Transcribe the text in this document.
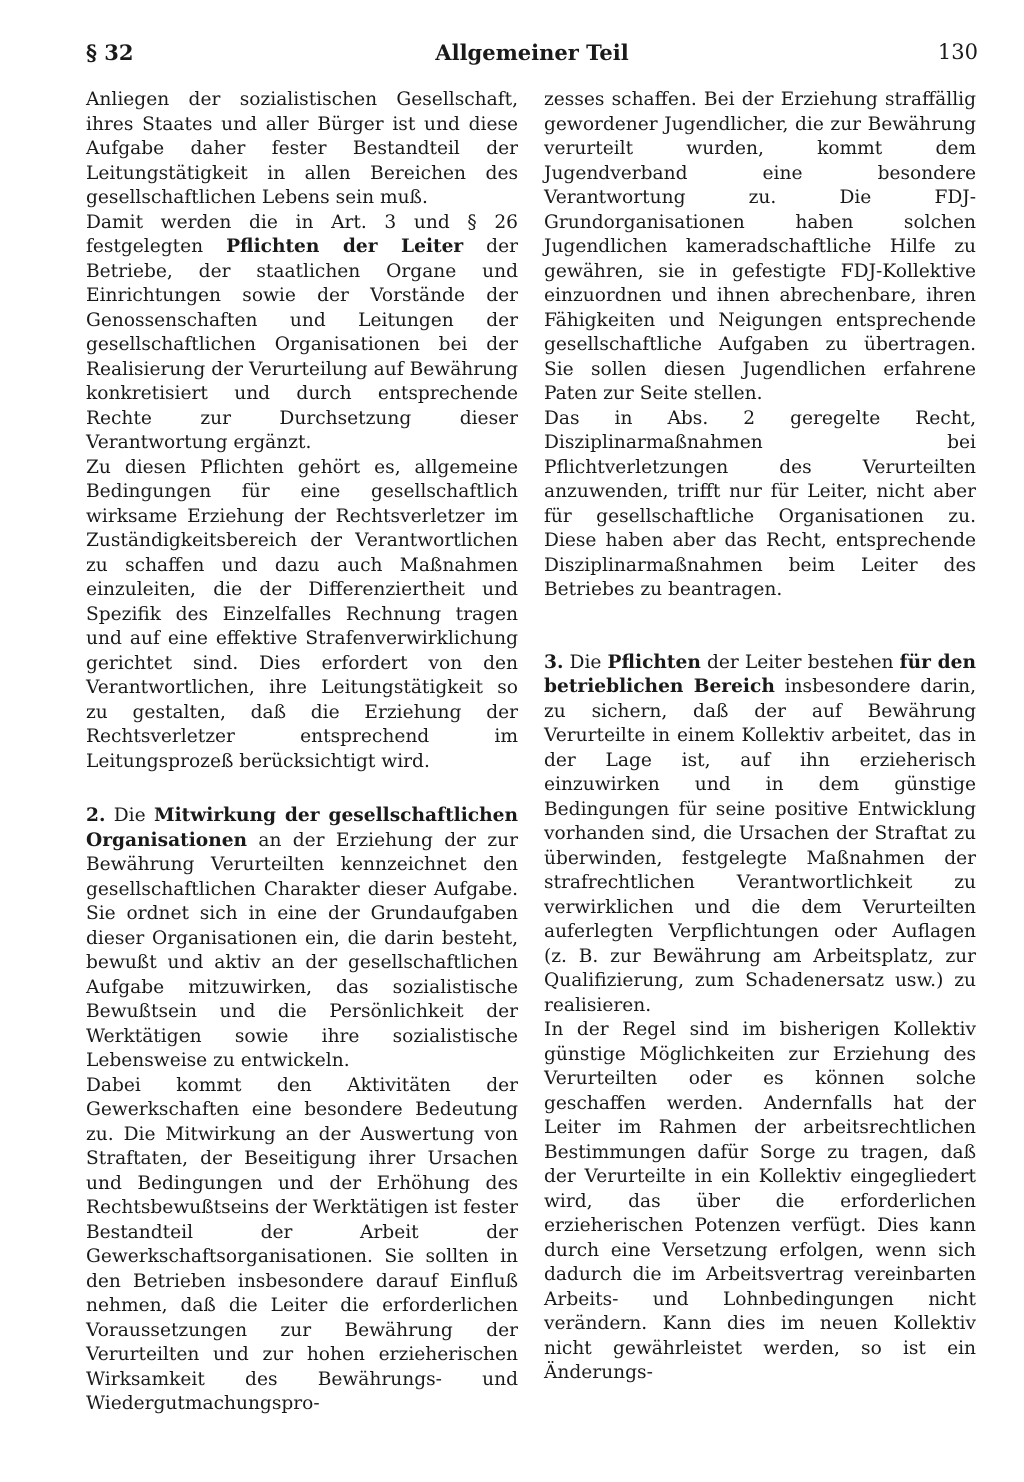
§ 32	Allgemeiner Teil	130

Anliegen der sozialistischen Gesellschaft, ihres Staates und aller Bürger ist und diese Aufgabe daher fester Bestandteil der Leitungstätigkeit in allen Bereichen des gesellschaftlichen Lebens sein muß.

Damit werden die in Art. 3 und § 26 festgelegten Pflichten der Leiter der Betriebe, der staatlichen Organe und Einrichtungen sowie der Vorstände der Genossenschaften und Leitungen der gesellschaftlichen Organisationen bei der Realisierung der Verurteilung auf Bewährung konkretisiert und durch entsprechende Rechte zur Durchsetzung dieser Verantwortung ergänzt.

Zu diesen Pflichten gehört es, allgemeine Bedingungen für eine gesellschaftlich wirksame Erziehung der Rechtsverletzer im Zuständigkeitsbereich der Verantwortlichen zu schaffen und dazu auch Maßnahmen einzuleiten, die der Differenziertheit und Spezifik des Einzelfalles Rechnung tragen und auf eine effektive Strafenverwirklichung gerichtet sind. Dies erfordert von den Verantwortlichen, ihre Leitungstätigkeit so zu gestalten, daß die Erziehung der Rechtsverletzer entsprechend im Leitungsprozeß berücksichtigt wird.

2. Die Mitwirkung der gesellschaftlichen Organisationen an der Erziehung der zur Bewährung Verurteilten kennzeichnet den gesellschaftlichen Charakter dieser Aufgabe. Sie ordnet sich in eine der Grundaufgaben dieser Organisationen ein, die darin besteht, bewußt und aktiv an der gesellschaftlichen Aufgabe mitzuwirken, das sozialistische Bewußtsein und die Persönlichkeit der Werktätigen sowie ihre sozialistische Lebensweise zu entwickeln.

Dabei kommt den Aktivitäten der Gewerkschaften eine besondere Bedeutung zu. Die Mitwirkung an der Auswertung von Straftaten, der Beseitigung ihrer Ursachen und Bedingungen und der Erhöhung des Rechtsbewußtseins der Werktätigen ist fester Bestandteil der Arbeit der Gewerkschaftsorganisationen. Sie sollten in den Betrieben insbesondere darauf Einfluß nehmen, daß die Leiter die erforderlichen Voraussetzungen zur Bewährung der Verurteilten und zur hohen erzieherischen Wirksamkeit des Bewährungs- und Wiedergutmachungspro-

zesses schaffen. Bei der Erziehung straffällig gewordener Jugendlicher, die zur Bewährung verurteilt wurden, kommt dem Jugendverband eine besondere Verantwortung zu. Die FDJ-Grundorganisationen haben solchen Jugendlichen kameradschaftliche Hilfe zu gewähren, sie in gefestigte FDJ-Kollektive einzuordnen und ihnen abrechenbare, ihren Fähigkeiten und Neigungen entsprechende gesellschaftliche Aufgaben zu übertragen. Sie sollen diesen Jugendlichen erfahrene Paten zur Seite stellen.

Das in Abs. 2 geregelte Recht, Disziplinarmaßnahmen bei Pflichtverletzungen des Verurteilten anzuwenden, trifft nur für Leiter, nicht aber für gesellschaftliche Organisationen zu. Diese haben aber das Recht, entsprechende Disziplinarmaßnahmen beim Leiter des Betriebes zu beantragen.

3. Die Pflichten der Leiter bestehen für den betrieblichen Bereich insbesondere darin, zu sichern, daß der auf Bewährung Verurteilte in einem Kollektiv arbeitet, das in der Lage ist, auf ihn erzieherisch einzuwirken und in dem günstige Bedingungen für seine positive Entwicklung vorhanden sind, die Ursachen der Straftat zu überwinden, festgelegte Maßnahmen der strafrechtlichen Verantwortlichkeit zu verwirklichen und die dem Verurteilten auferlegten Verpflichtungen oder Auflagen (z. B. zur Bewährung am Arbeitsplatz, zur Qualifizierung, zum Schadenersatz usw.) zu realisieren.

In der Regel sind im bisherigen Kollektiv günstige Möglichkeiten zur Erziehung des Verurteilten oder es können solche geschaffen werden. Andernfalls hat der Leiter im Rahmen der arbeitsrechtlichen Bestimmungen dafür Sorge zu tragen, daß der Verurteilte in ein Kollektiv eingegliedert wird, das über die erforderlichen erzieherischen Potenzen verfügt. Dies kann durch eine Versetzung erfolgen, wenn sich dadurch die im Arbeitsvertrag vereinbarten Arbeits- und Lohnbedingungen nicht verändern. Kann dies im neuen Kollektiv nicht gewährleistet werden, so ist ein Änderungs-
